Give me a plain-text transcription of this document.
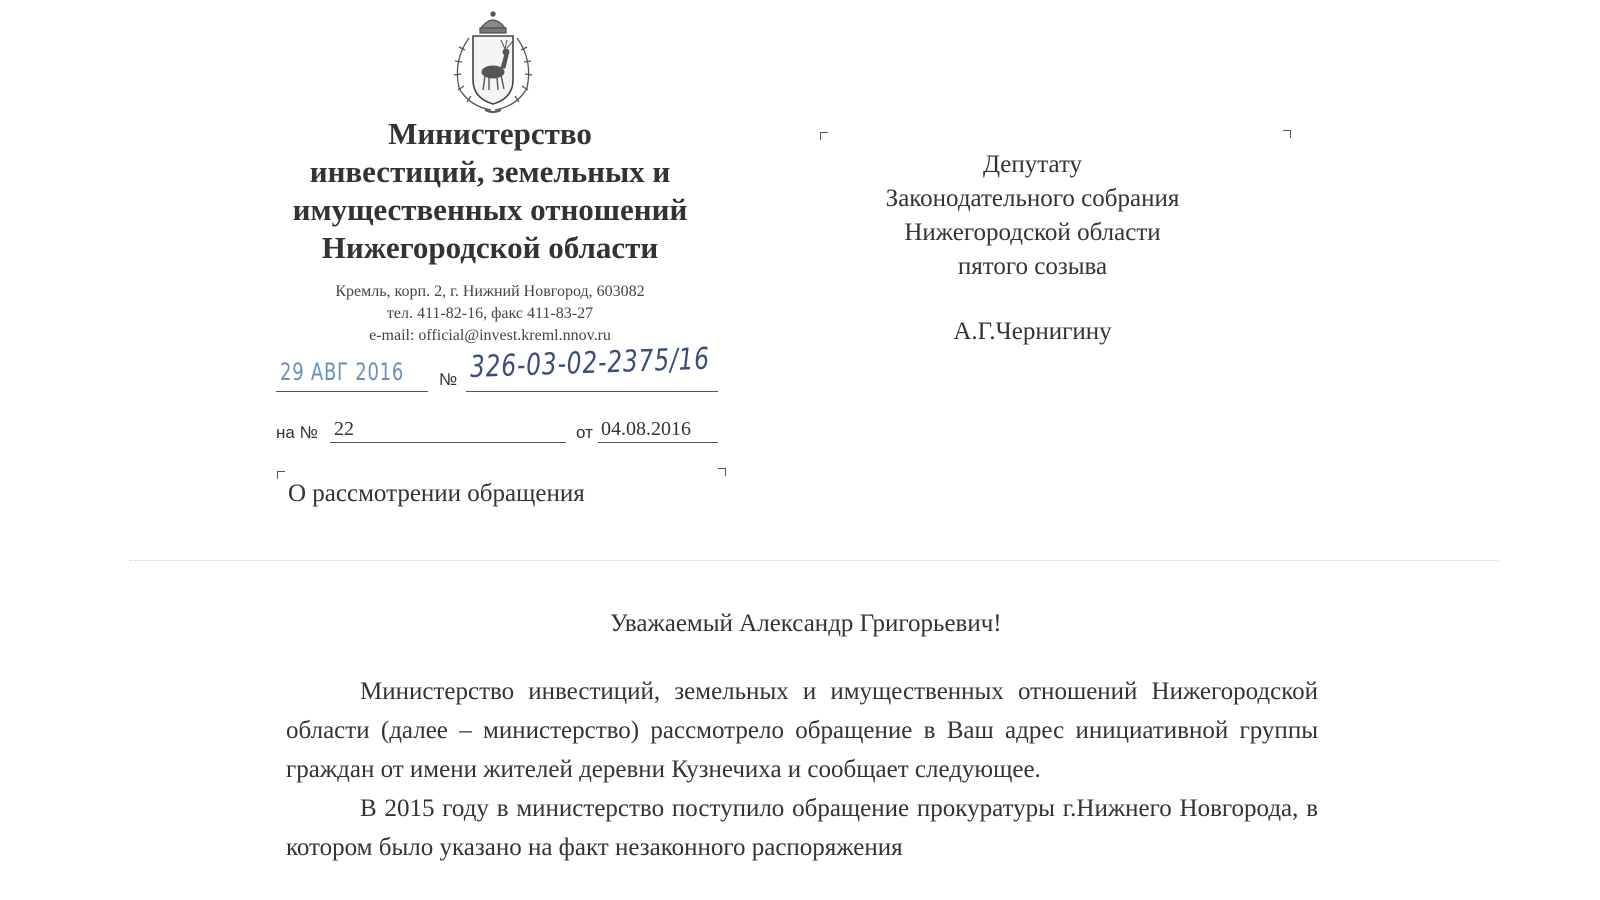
Министерство
инвестиций, земельных и
имущественных отношений
Нижегородской области
Кремль, корп. 2, г. Нижний Новгород, 603082
тел. 411-82-16, факс 411-83-27
e-mail: official@invest.kreml.nnov.ru
29 АВГ 2016 № 326-03-02-2375/16
на № 22	от 04.08.2016
О рассмотрении обращения
Депутату
Законодательного собрания
Нижегородской области
пятого созыва
А.Г.Чернигину
Уважаемый Александр Григорьевич!

Министерство инвестиций, земельных и имущественных отношений Нижегородской области (далее – министерство) рассмотрело обращение в Ваш адрес инициативной группы граждан от имени жителей деревни Кузнечиха и сообщает следующее.

В 2015 году в министерство поступило обращение прокуратуры г.Нижнего Новгорода, в котором было указано на факт незаконного распоряжения
